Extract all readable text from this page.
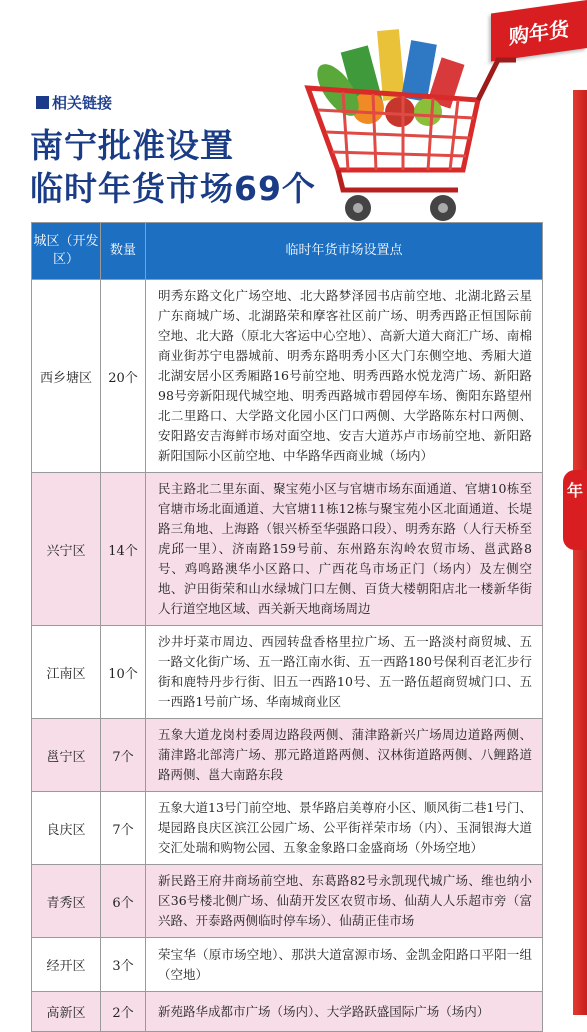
购年货
年
相关链接
南宁批准设置
临时年货市场69个
城区（开发区）	数量	临时年货市场设置点
西乡塘区	20个	明秀东路文化广场空地、北大路梦泽园书店前空地、北湖北路云星广东商城广场、北湖路荣和摩客社区前广场、明秀西路正恒国际前空地、北大路（原北大客运中心空地）、高新大道大商汇广场、南棉商业街苏宁电器城前、明秀东路明秀小区大门东侧空地、秀厢大道北湖安居小区秀厢路16号前空地、明秀西路水悦龙湾广场、新阳路98号旁新阳现代城空地、明秀西路城市碧园停车场、衡阳东路望州北二里路口、大学路文化园小区门口两侧、大学路陈东村口两侧、安阳路安吉海鲜市场对面空地、安吉大道苏卢市场前空地、新阳路新阳国际小区前空地、中华路华西商业城（场内）
兴宁区	14个	民主路北二里东面、聚宝苑小区与官塘市场东面通道、官塘10栋至官塘市场北面通道、大官塘11栋12栋与聚宝苑小区北面通道、长堤路三角地、上海路（银兴桥至华强路口段）、明秀东路（人行天桥至虎邱一里）、济南路159号前、东州路东沟岭农贸市场、邕武路8号、鸡鸣路澳华小区路口、广西花鸟市场正门（场内）及左侧空地、沪田街荣和山水绿城门口左侧、百货大楼朝阳店北一楼新华街人行道空地区域、西关新天地商场周边
江南区	10个	沙井圩菜市周边、西园转盘香格里拉广场、五一路淡村商贸城、五一路文化街广场、五一路江南水街、五一西路180号保利百老汇步行街和鹿特丹步行街、旧五一西路10号、五一路伍超商贸城门口、五一西路1号前广场、华南城商业区
邕宁区	7个	五象大道龙岗村委周边路段两侧、蒲津路新兴广场周边道路两侧、蒲津路北部湾广场、那元路道路两侧、汉林街道路两侧、八鲤路道路两侧、邕大南路东段
良庆区	7个	五象大道13号门前空地、景华路启美尊府小区、顺风街二巷1号门、堤园路良庆区滨江公园广场、公平街祥荣市场（内）、玉洞银海大道交汇处瑞和购物公园、五象金象路口金盛商场（外场空地）
青秀区	6个	新民路王府井商场前空地、东葛路82号永凯现代城广场、维也纳小区36号楼北侧广场、仙葫开发区农贸市场、仙葫人人乐超市旁（富兴路、开泰路两侧临时停车场）、仙葫正佳市场
经开区	3个	荣宝华（原市场空地）、那洪大道富源市场、金凯金阳路口平阳一组（空地）
高新区	2个	新苑路华成都市广场（场内）、大学路跃盛国际广场（场内）
